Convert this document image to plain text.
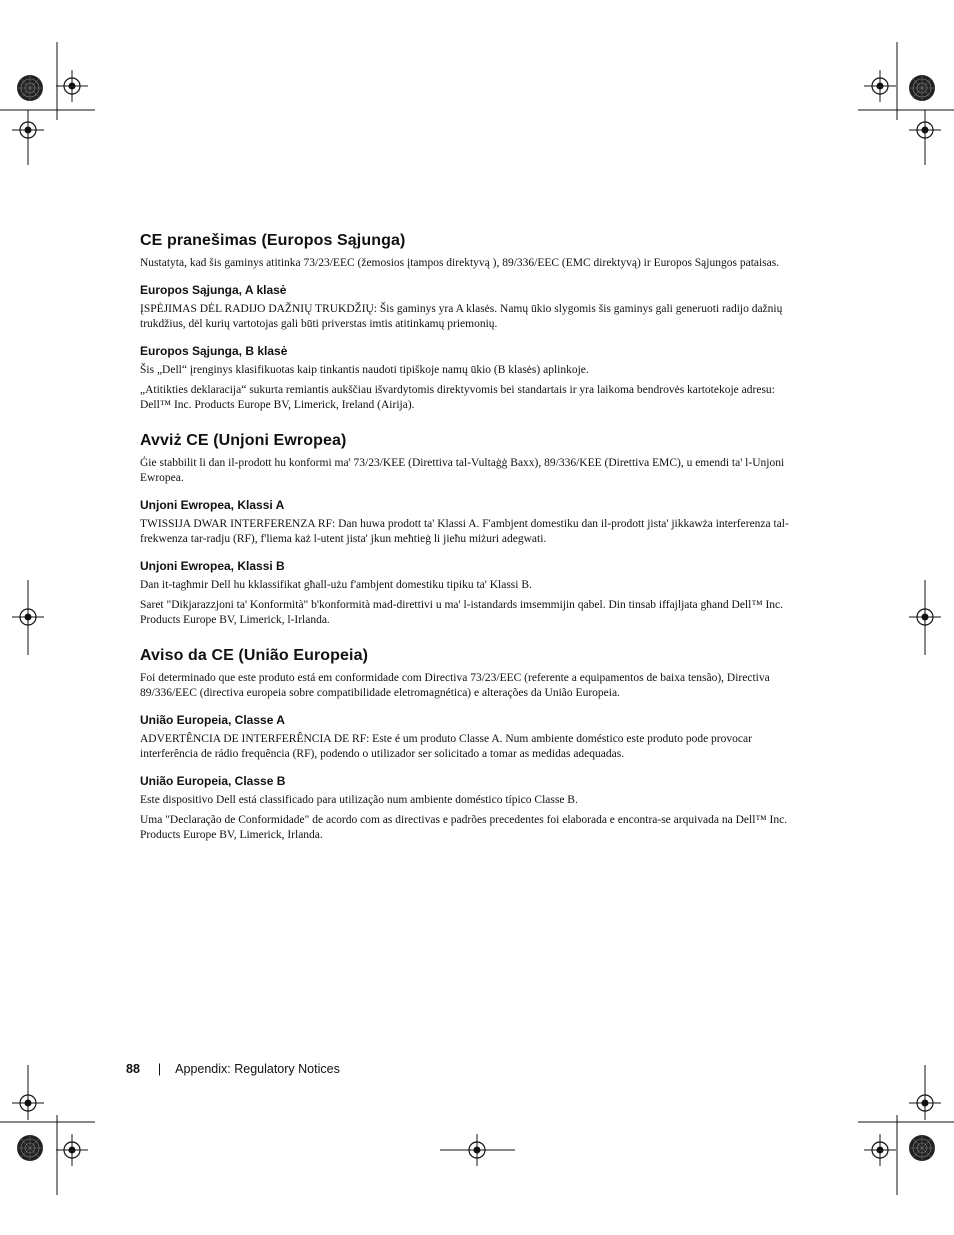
CE pranešimas (Europos Sąjunga)

Nustatyta, kad šis gaminys atitinka 73/23/EEC (žemosios įtampos direktyvą ), 89/336/EEC (EMC direktyvą) ir Europos Sąjungos pataisas.

Europos Sąjunga, A klasė

ĮSPĖJIMAS DĖL RADIJO DAŽNIŲ TRUKDŽIŲ: Šis gaminys yra A klasės. Namų ūkio slygomis šis gaminys gali generuoti radijo dažnių trukdžius, dėl kurių vartotojas gali būti priverstas imtis atitinkamų priemonių.

Europos Sąjunga, B klasė

Šis „Dell“ įrenginys klasifikuotas kaip tinkantis naudoti tipiškoje namų ūkio (B klasės) aplinkoje.

„Atitikties deklaracija“ sukurta remiantis aukščiau išvardytomis direktyvomis bei standartais ir yra laikoma bendrovės kartotekoje adresu: Dell™ Inc. Products Europe BV, Limerick, Ireland (Airija).

Avviż CE (Unjoni Ewropea)

Ġie stabbilit li dan il-prodott hu konformi ma' 73/23/KEE (Direttiva tal-Vultaġġ Baxx), 89/336/KEE (Direttiva EMC), u emendi ta' l-Unjoni Ewropea.

Unjoni Ewropea, Klassi A

TWISSIJA DWAR INTERFERENZA RF: Dan huwa prodott ta' Klassi A. F'ambjent domestiku dan il-prodott jista' jikkawża interferenza tal-frekwenza tar-radju (RF), f'liema każ l-utent jista' jkun meħtieġ li jieħu miżuri adegwati.

Unjoni Ewropea, Klassi B

Dan it-tagħmir Dell hu kklassifikat għall-użu f'ambjent domestiku tipiku ta' Klassi B.

Saret "Dikjarazzjoni ta' Konformità" b'konformità mad-direttivi u ma' l-istandards imsemmijin qabel. Din tinsab iffajljata għand Dell™ Inc. Products Europe BV, Limerick, l-Irlanda.

Aviso da CE (União Europeia)

Foi determinado que este produto está em conformidade com Directiva 73/23/EEC (referente a equipamentos de baixa tensão), Directiva 89/336/EEC (directiva europeia sobre compatibilidade eletromagnética) e alterações da União Europeia.

União Europeia, Classe A

ADVERTÊNCIA DE INTERFERÊNCIA DE RF: Este é um produto Classe A. Num ambiente doméstico este produto pode provocar interferência de rádio frequência (RF), podendo o utilizador ser solicitado a tomar as medidas adequadas.

União Europeia, Classe B

Este dispositivo Dell está classificado para utilização num ambiente doméstico típico Classe B.

Uma "Declaração de Conformidade" de acordo com as directivas e padrões precedentes foi elaborada e encontra-se arquivada na Dell™ Inc. Products Europe BV, Limerick, Irlanda.

88 | Appendix: Regulatory Notices
